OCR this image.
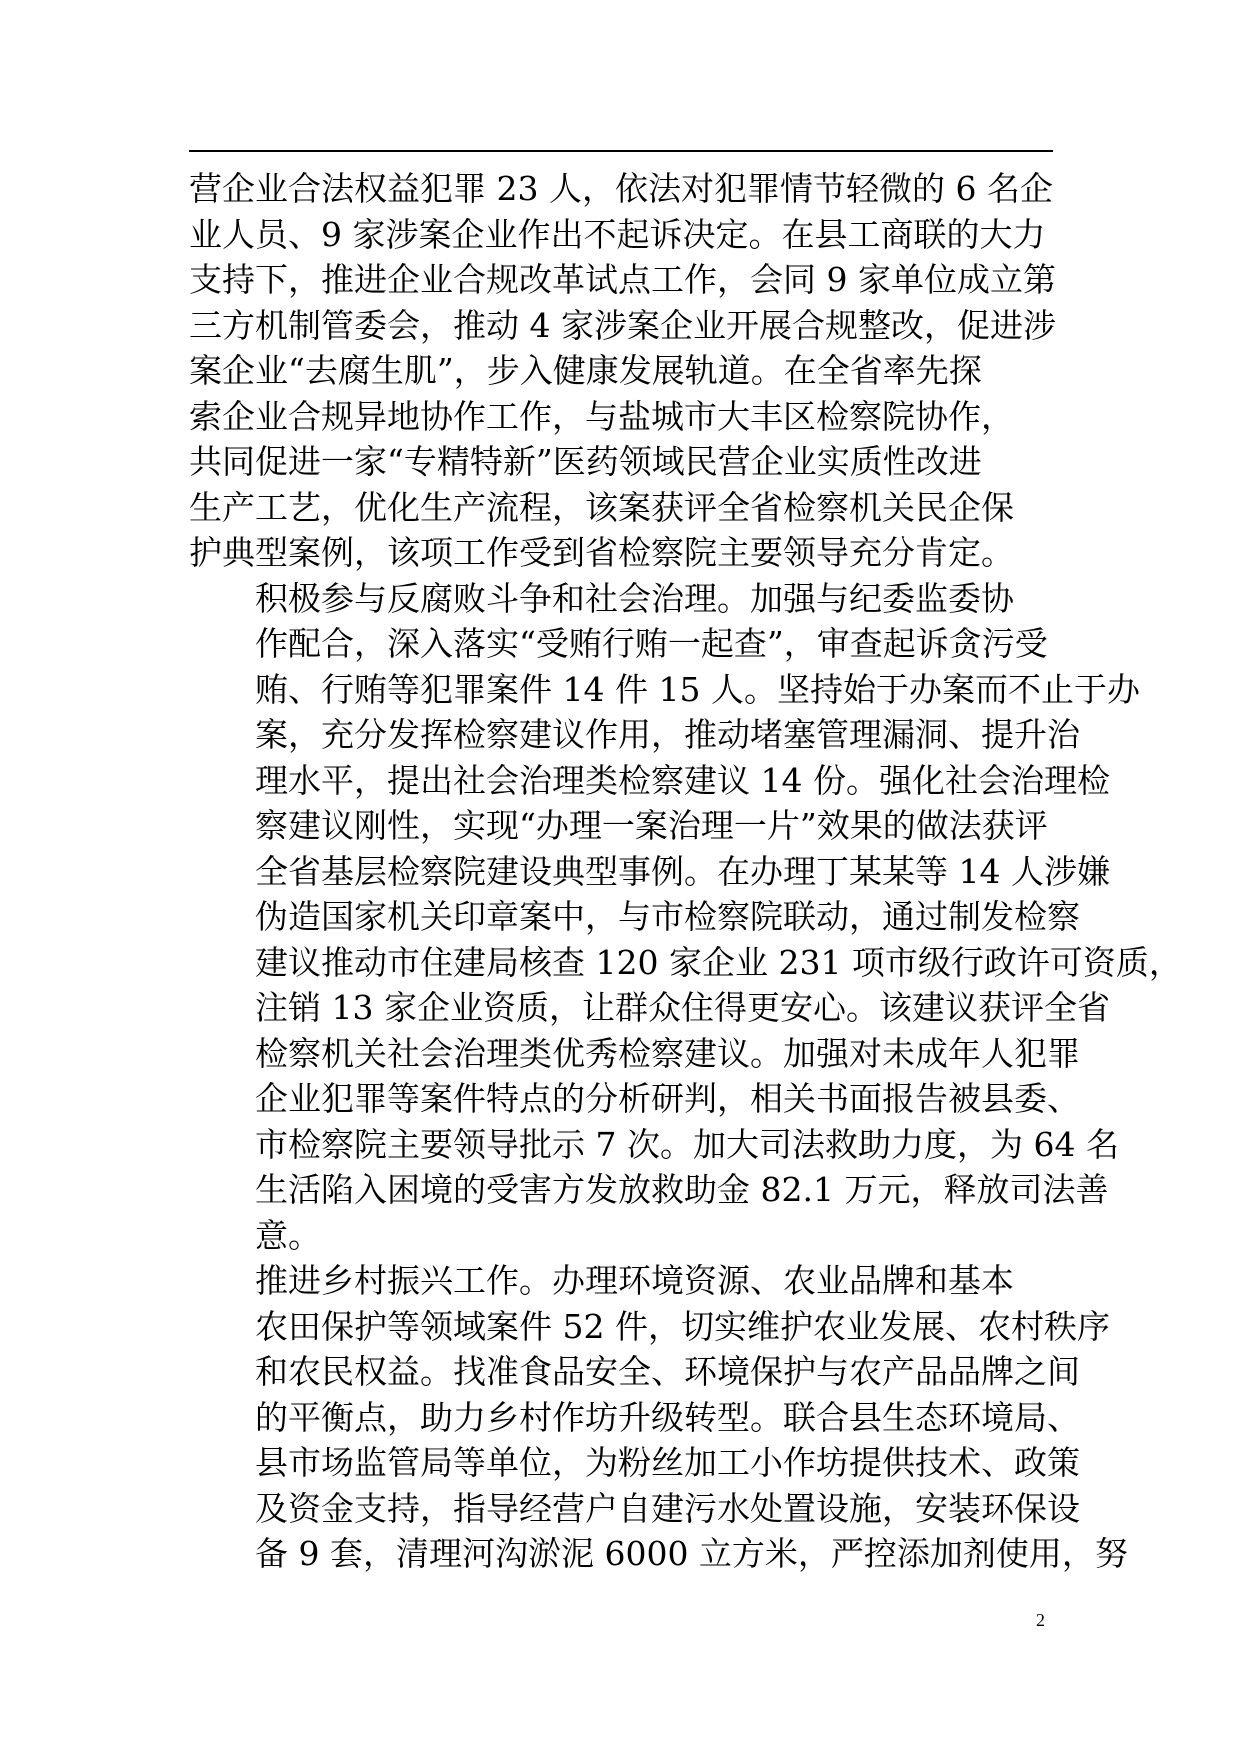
营企业合法权益犯罪 23 人，依法对犯罪情节轻微的 6 名企
业人员、9 家涉案企业作出不起诉决定。在县工商联的大力
支持下，推进企业合规改革试点工作，会同 9 家单位成立第
三方机制管委会，推动 4 家涉案企业开展合规整改，促进涉
案企业“去腐生肌”，步入健康发展轨道。在全省率先探
索企业合规异地协作工作，与盐城市大丰区检察院协作，
共同促进一家“专精特新”医药领域民营企业实质性改进
生产工艺，优化生产流程，该案获评全省检察机关民企保
护典型案例，该项工作受到省检察院主要领导充分肯定。
积极参与反腐败斗争和社会治理。加强与纪委监委协
作配合，深入落实“受贿行贿一起查”，审查起诉贪污受
贿、行贿等犯罪案件 14 件 15 人。坚持始于办案而不止于办
案，充分发挥检察建议作用，推动堵塞管理漏洞、提升治
理水平，提出社会治理类检察建议 14 份。强化社会治理检
察建议刚性，实现“办理一案治理一片”效果的做法获评
全省基层检察院建设典型事例。在办理丁某某等 14 人涉嫌
伪造国家机关印章案中，与市检察院联动，通过制发检察
建议推动市住建局核查 120 家企业 231 项市级行政许可资质，
注销 13 家企业资质，让群众住得更安心。该建议获评全省
检察机关社会治理类优秀检察建议。加强对未成年人犯罪
企业犯罪等案件特点的分析研判，相关书面报告被县委、
市检察院主要领导批示 7 次。加大司法救助力度，为 64 名
生活陷入困境的受害方发放救助金 82.1 万元，释放司法善
意。
推进乡村振兴工作。办理环境资源、农业品牌和基本
农田保护等领域案件 52 件，切实维护农业发展、农村秩序
和农民权益。找准食品安全、环境保护与农产品品牌之间
的平衡点，助力乡村作坊升级转型。联合县生态环境局、
县市场监管局等单位，为粉丝加工小作坊提供技术、政策
及资金支持，指导经营户自建污水处置设施，安装环保设
备 9 套，清理河沟淤泥 6000 立方米，严控添加剂使用，努
2
